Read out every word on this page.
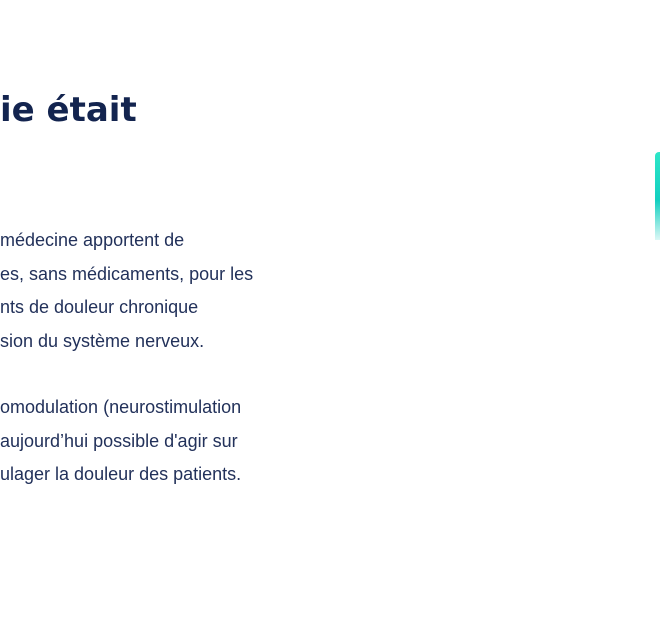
ie était

médecine apportent de
es, sans médicaments, pour les
nts de douleur chronique
sion du système nerveux.

omodulation (neurostimulation
aujourd’hui possible d'agir sur
ulager la douleur des patients.
